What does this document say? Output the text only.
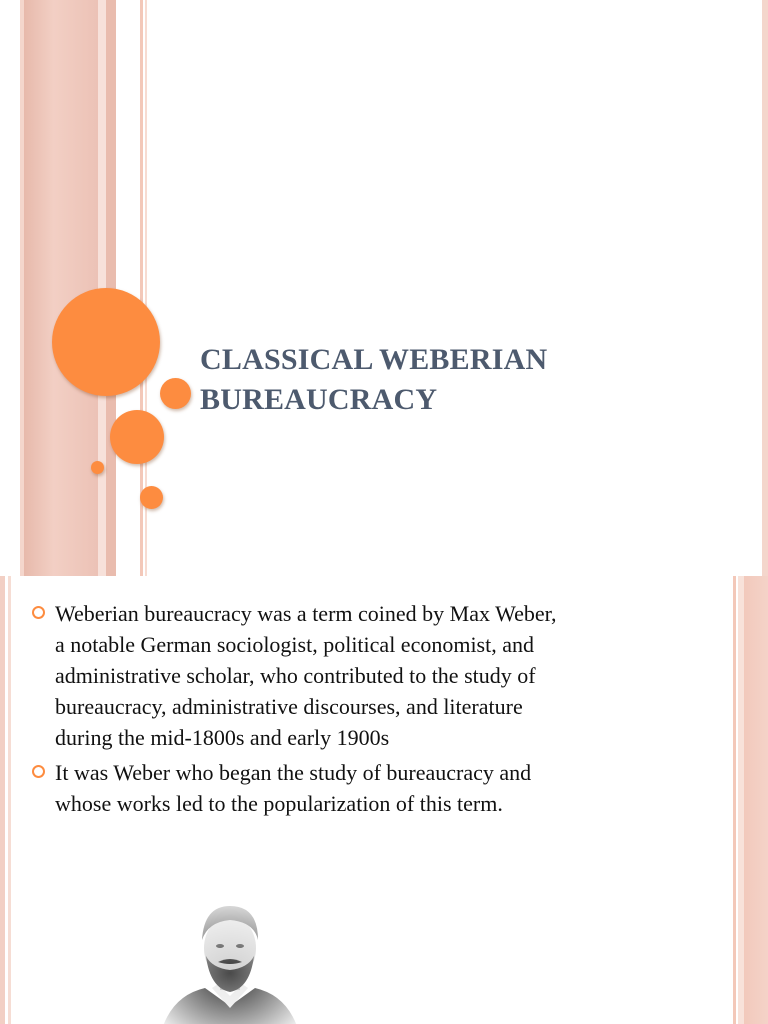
CLASSICAL WEBERIAN
BUREAUCRACY
Weberian bureaucracy was a term coined by Max Weber,
a notable German sociologist, political economist, and
administrative scholar, who contributed to the study of
bureaucracy, administrative discourses, and literature
during the mid-1800s and early 1900s
It was Weber who began the study of bureaucracy and
whose works led to the popularization of this term.
